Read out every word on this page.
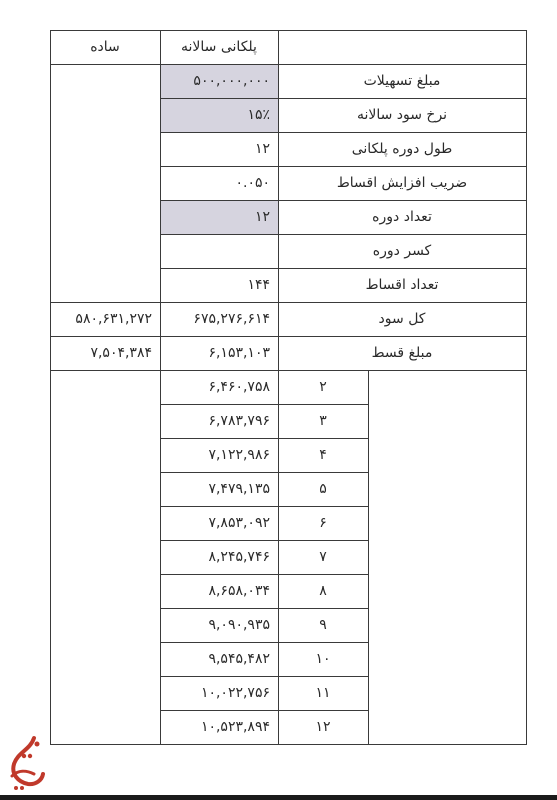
ساده	پلکانی سالانه
۵۰۰,۰۰۰,۰۰۰	مبلغ تسهیلات
۱۵٪	نرخ سود سالانه
۱۲	طول دوره پلکانی
۰.۰۵۰	ضریب افزایش اقساط
۱۲	تعداد دوره
کسر دوره
۱۴۴	تعداد اقساط
۵۸۰,۶۳۱,۲۷۲	۶۷۵,۲۷۶,۶۱۴	کل سود
۷,۵۰۴,۳۸۴	۶,۱۵۳,۱۰۳	مبلغ قسط
۶,۴۶۰,۷۵۸	۲
۶,۷۸۳,۷۹۶	۳
۷,۱۲۲,۹۸۶	۴
۷,۴۷۹,۱۳۵	۵
۷,۸۵۳,۰۹۲	۶
۸,۲۴۵,۷۴۶	۷
۸,۶۵۸,۰۳۴	۸
۹,۰۹۰,۹۳۵	۹
۹,۵۴۵,۴۸۲	۱۰
۱۰,۰۲۲,۷۵۶	۱۱
۱۰,۵۲۳,۸۹۴	۱۲
